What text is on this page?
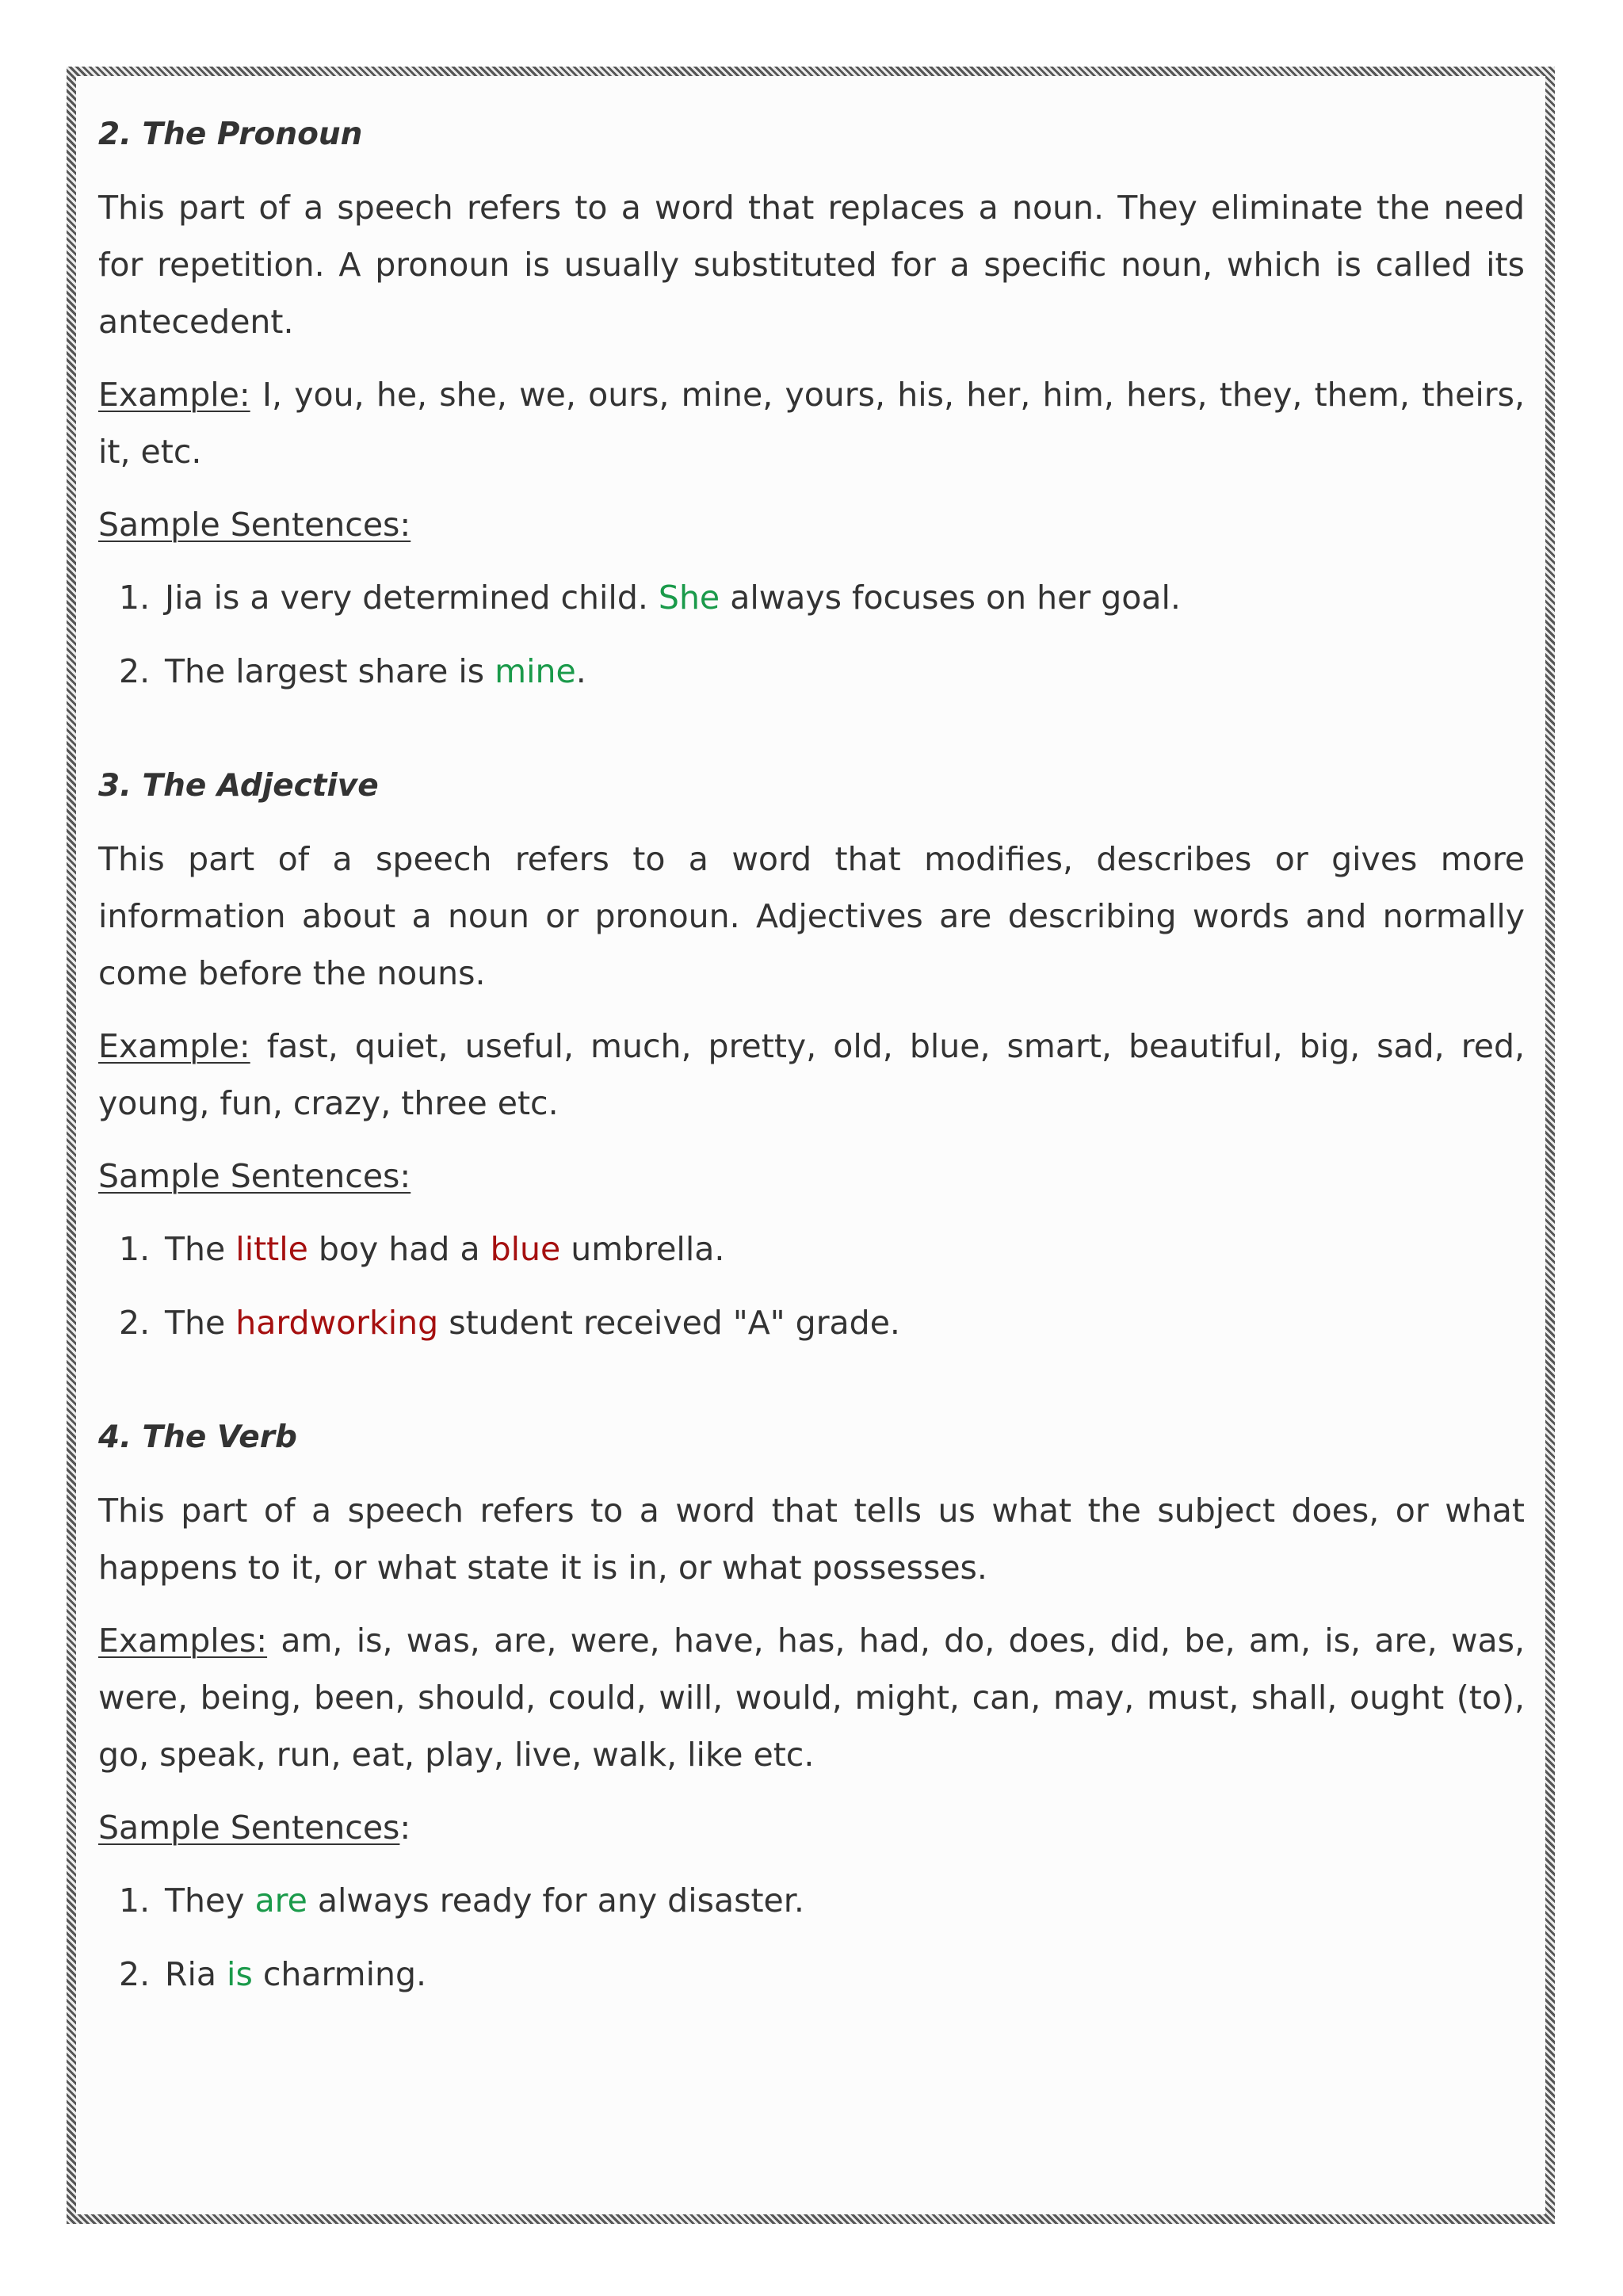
2. The Pronoun

This part of a speech refers to a word that replaces a noun. They eliminate the need for repetition. A pronoun is usually substituted for a specific noun, which is called its antecedent.

Example: I, you, he, she, we, ours, mine, yours, his, her, him, hers, they, them, theirs, it, etc.

Sample Sentences:
1. Jia is a very determined child. She always focuses on her goal.
2. The largest share is mine.
3. The Adjective

This part of a speech refers to a word that modifies, describes or gives more information about a noun or pronoun. Adjectives are describing words and normally come before the nouns.

Example: fast, quiet, useful, much, pretty, old, blue, smart, beautiful, big, sad, red, young, fun, crazy, three etc.

Sample Sentences:
1. The little boy had a blue umbrella.
2. The hardworking student received "A" grade.
4. The Verb

This part of a speech refers to a word that tells us what the subject does, or what happens to it, or what state it is in, or what possesses.

Examples: am, is, was, are, were, have, has, had, do, does, did, be, am, is, are, was, were, being, been, should, could, will, would, might, can, may, must, shall, ought (to), go, speak, run, eat, play, live, walk, like etc.

Sample Sentences:
1. They are always ready for any disaster.
2. Ria is charming.
